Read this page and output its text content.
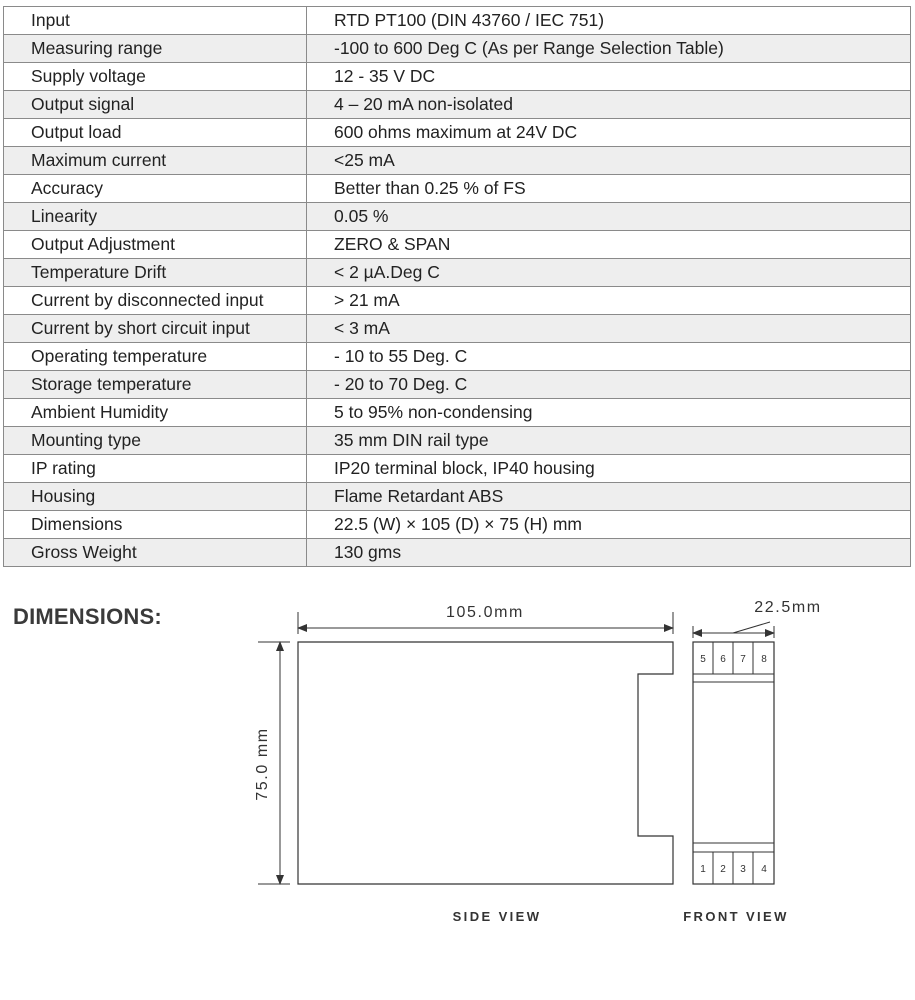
Input	RTD PT100 (DIN 43760 / IEC 751)
Measuring range	-100 to 600 Deg C (As per Range Selection Table)
Supply voltage	12 - 35 V DC
Output signal	4 – 20 mA non-isolated
Output load	600 ohms maximum at 24V DC
Maximum current	<25 mA
Accuracy	Better than 0.25 % of FS
Linearity	0.05 %
Output Adjustment	ZERO & SPAN
Temperature Drift	< 2 µA.Deg C
Current by disconnected input	> 21 mA
Current by short circuit input	< 3 mA
Operating temperature	- 10 to 55 Deg. C
Storage temperature	- 20 to 70 Deg. C
Ambient Humidity	5 to 95% non-condensing
Mounting type	35 mm DIN rail type
IP rating	IP20 terminal block, IP40 housing
Housing	Flame Retardant ABS
Dimensions	22.5 (W) × 105 (D) × 75 (H) mm
Gross Weight	130 gms
DIMENSIONS:	105.0mm
75.0 mm
5 6 7 8
1 2 3 4
22.5mm
SIDE VIEW	FRONT VIEW
